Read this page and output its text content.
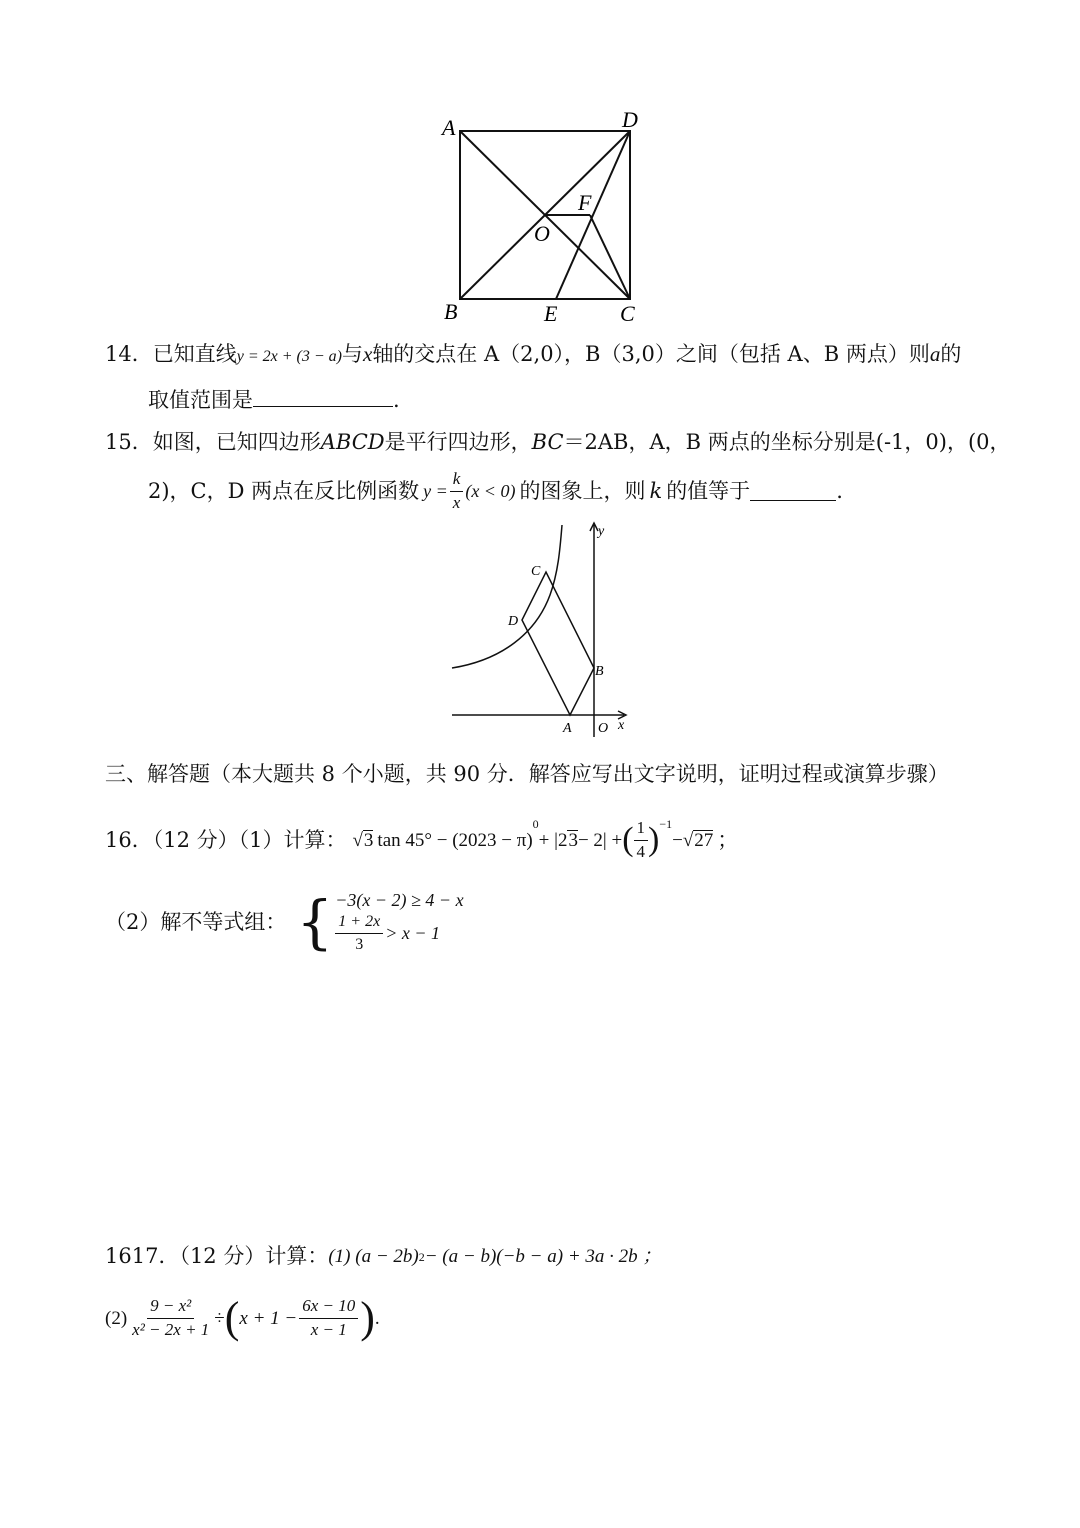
A	D
F
O
B	E	C
14．已知直线y = 2x + (3 − a)与x轴的交点在 A（2,0），B（3,0）之间（包括 A、B 两点）则a的
取值范围是	.
15．如图，已知四边形ABCD是平行四边形，BC＝2AB，A，B 两点的坐标分别是(-1，0)，(0，
2)，C，D 两点在反比例函数 $y = \frac{k}{x} (x < 0)$ 的图象上，则 k 的值等于	.
C
D
B
A O x
y
三、解答题（本大题共 8 个小题，共 90 分．解答应写出文字说明，证明过程或演算步骤）
16．（12 分）（1）计算： √ 3 tan 45° − (2023 − π)
0
+ |2 3 − 2| + ( $\frac{1}{4} )^{-1}$
− √ 27 ；
（2）解不等式组： { −3(x − 2) ≥ 4 − x
$\frac{1 + 2x}{3} > x - 1$
1617．（12 分）计算： (1) (a − 2b) 2 − (a − b)(−b − a) + 3a · 2b ；
$(2) \frac{\text{9 − x²}}{\text{x² − 2x + 1}}$ ÷ ( $x + 1 - \frac{6x - 10}{x - 1}$ ) .
